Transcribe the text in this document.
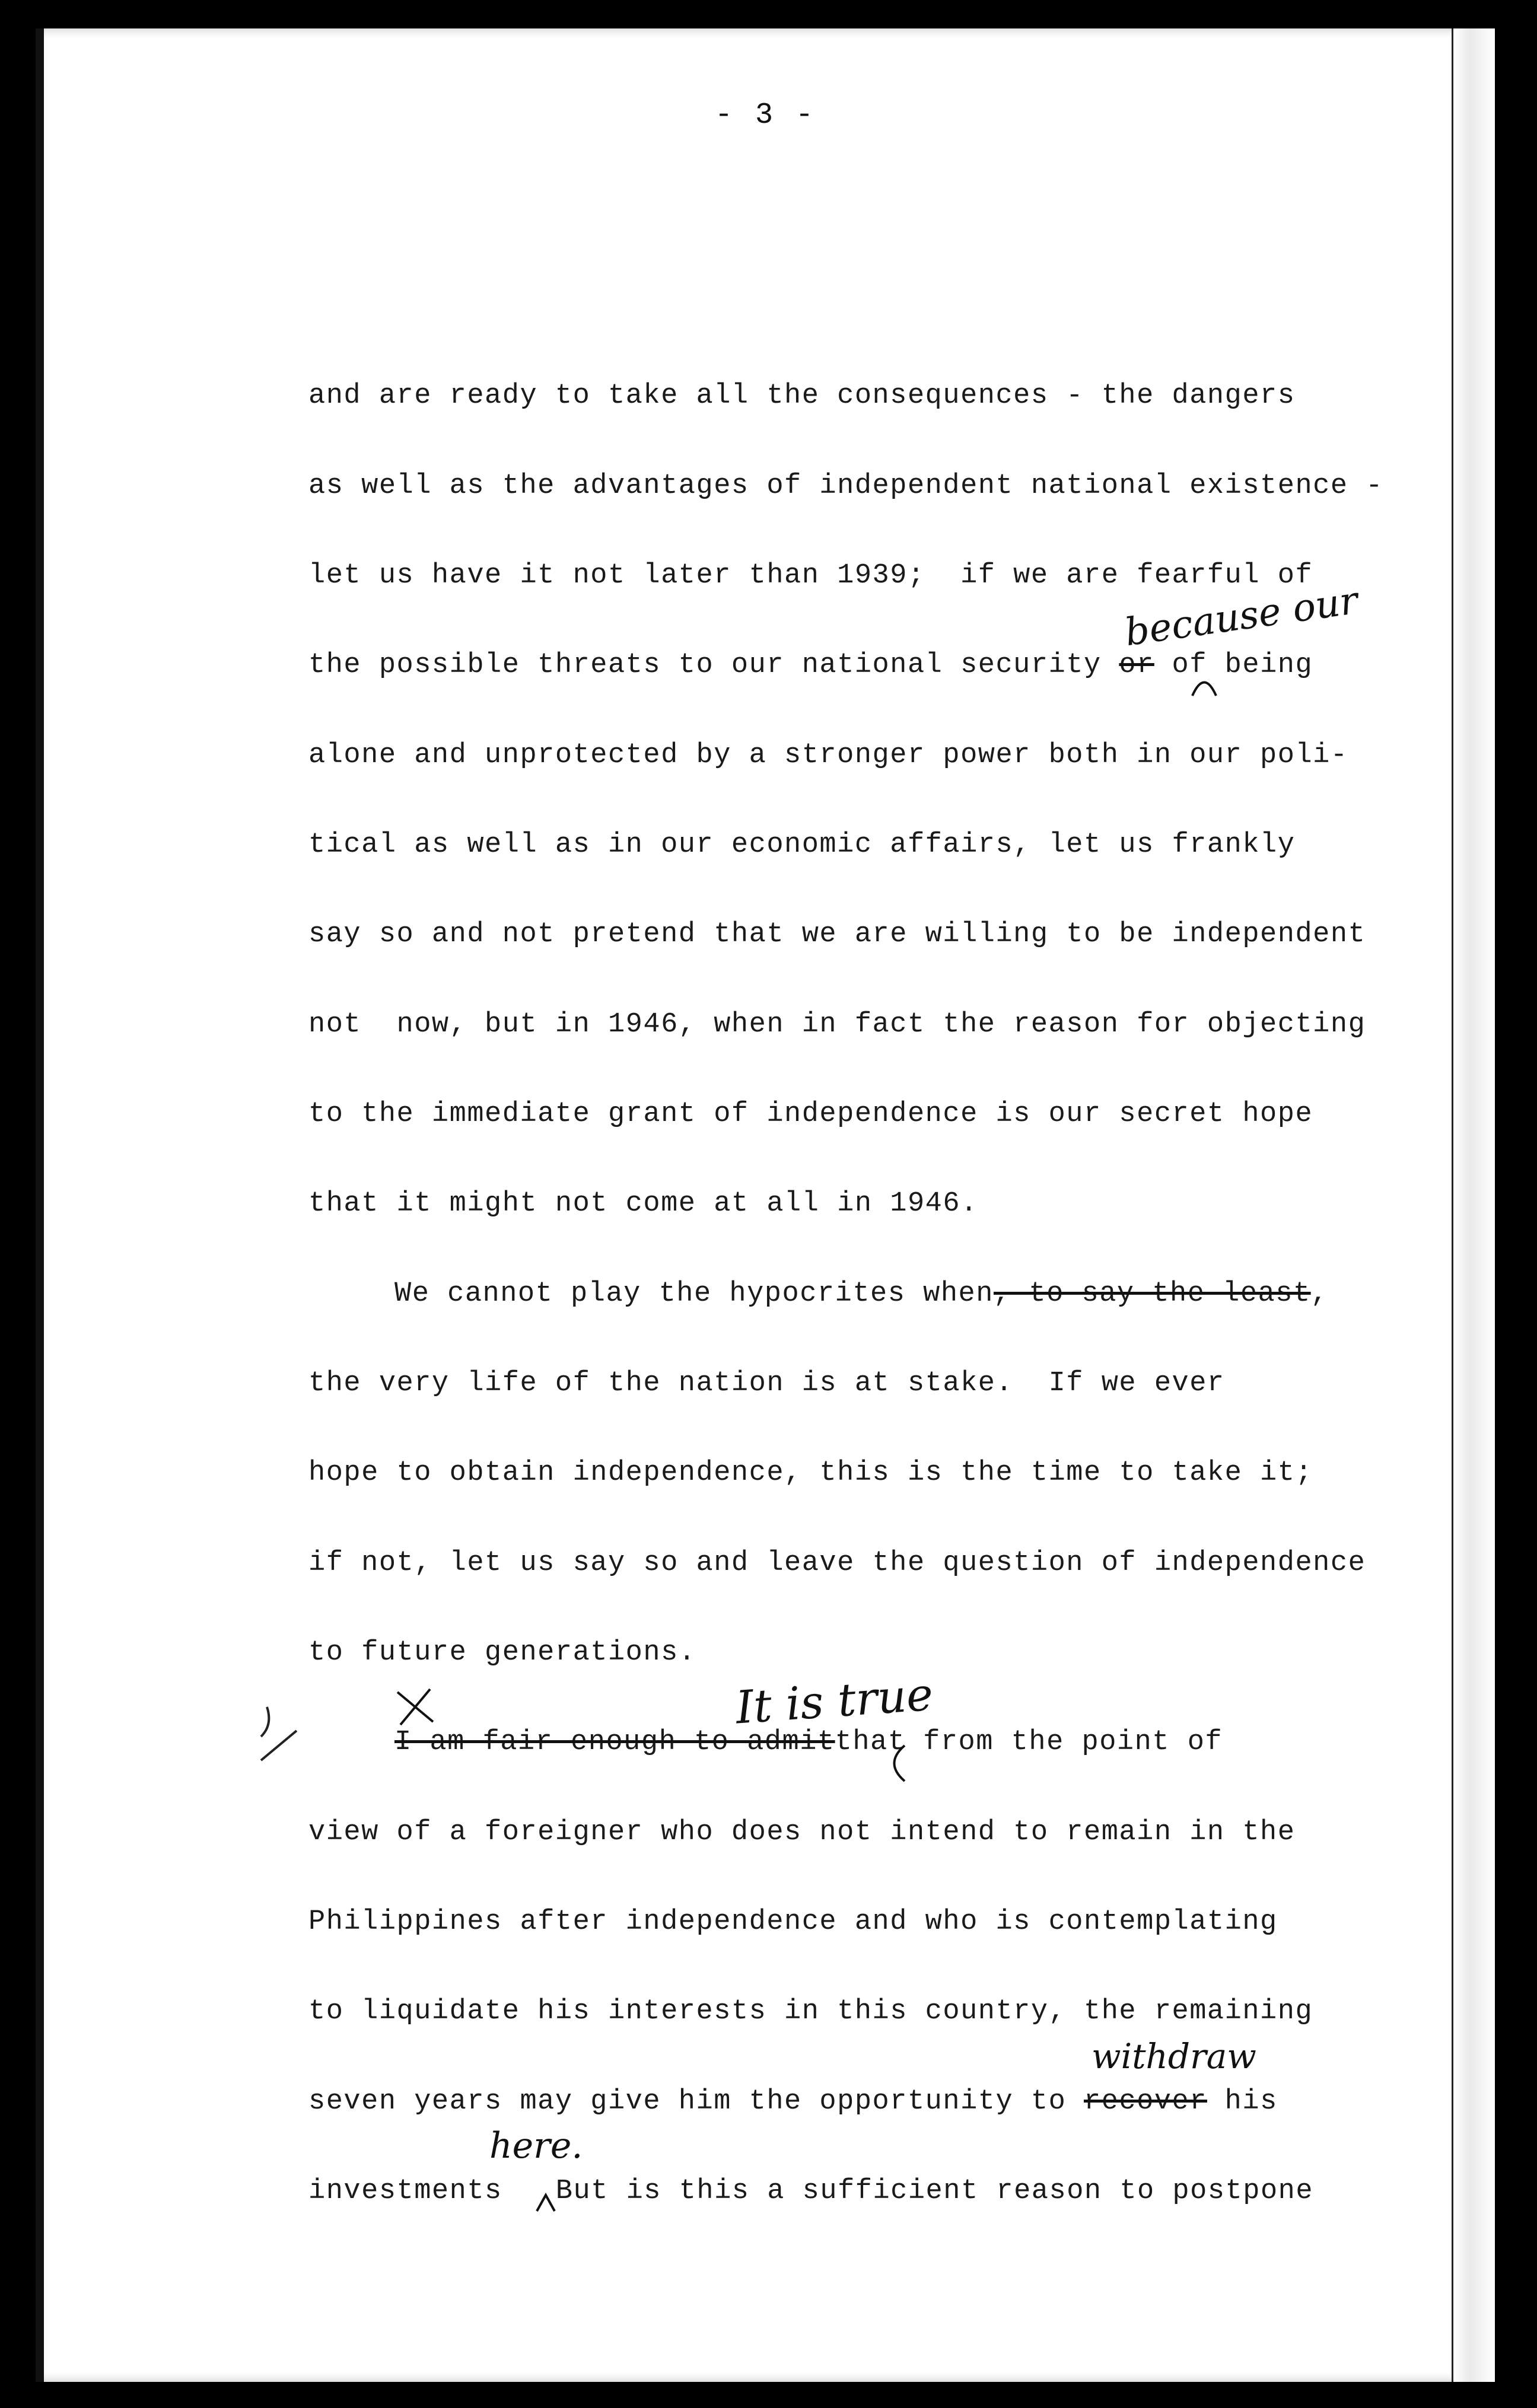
- 3 -
and are ready to take all the consequences - the dangers
as well as the advantages of independent national existence -
let us have it not later than 1939;  if we are fearful of
the possible threats to our national security or of being
alone and unprotected by a stronger power both in our poli-
tical as well as in our economic affairs, let us frankly
say so and not pretend that we are willing to be independent
not  now, but in 1946, when in fact the reason for objecting
to the immediate grant of independence is our secret hope
that it might not come at all in 1946.
We cannot play the hypocrites when, to say the least,
the very life of the nation is at stake.  If we ever
hope to obtain independence, this is the time to take it;
if not, let us say so and leave the question of independence
to future generations.
I am fair enough to admitthat from the point of
view of a foreigner who does not intend to remain in the
Philippines after independence and who is contemplating
to liquidate his interests in this country, the remaining
seven years may give him the opportunity to recover his
investments But is this a sufficient reason to postpone
because our
It is true
withdraw
here.
